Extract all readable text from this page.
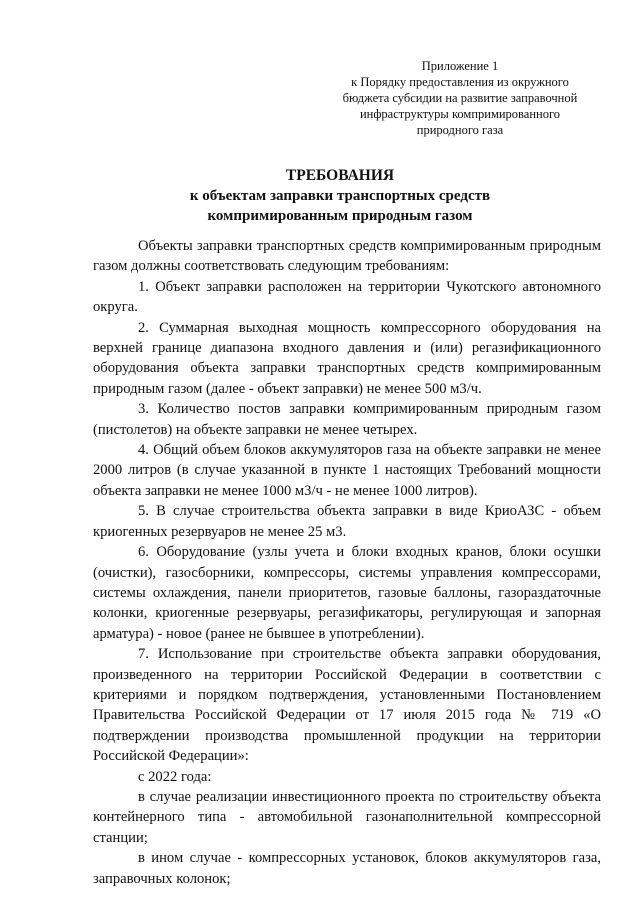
Приложение 1
к Порядку предоставления из окружного
бюджета субсидии на развитие заправочной
инфраструктуры компримированного
природного газа
ТРЕБОВАНИЯ
к объектам заправки транспортных средств
компримированным природным газом

Объекты заправки транспортных средств компримированным природным газом должны соответствовать следующим требованиям:

1. Объект заправки расположен на территории Чукотского автономного округа.

2. Суммарная выходная мощность компрессорного оборудования на верхней границе диапазона входного давления и (или) регазификационного оборудования объекта заправки транспортных средств компримированным природным газом (далее - объект заправки) не менее 500 м3/ч.

3. Количество постов заправки компримированным природным газом (пистолетов) на объекте заправки не менее четырех.

4. Общий объем блоков аккумуляторов газа на объекте заправки не менее 2000 литров (в случае указанной в пункте 1 настоящих Требований мощности объекта заправки не менее 1000 м3/ч - не менее 1000 литров).

5. В случае строительства объекта заправки в виде КриоАЗС - объем криогенных резервуаров не менее 25 м3.

6. Оборудование (узлы учета и блоки входных кранов, блоки осушки (очистки), газосборники, компрессоры, системы управления компрессорами, системы охлаждения, панели приоритетов, газовые баллоны, газораздаточные колонки, криогенные резервуары, регазификаторы, регулирующая и запорная арматура) - новое (ранее не бывшее в употреблении).

7. Использование при строительстве объекта заправки оборудования, произведенного на территории Российской Федерации в соответствии с критериями и порядком подтверждения, установленными Постановлением Правительства Российской Федерации от 17 июля 2015 года № 719 «О подтверждении производства промышленной продукции на территории Российской Федерации»:

с 2022 года:

в случае реализации инвестиционного проекта по строительству объекта контейнерного типа - автомобильной газонаполнительной компрессорной станции;

в ином случае - компрессорных установок, блоков аккумуляторов газа, заправочных колонок;
